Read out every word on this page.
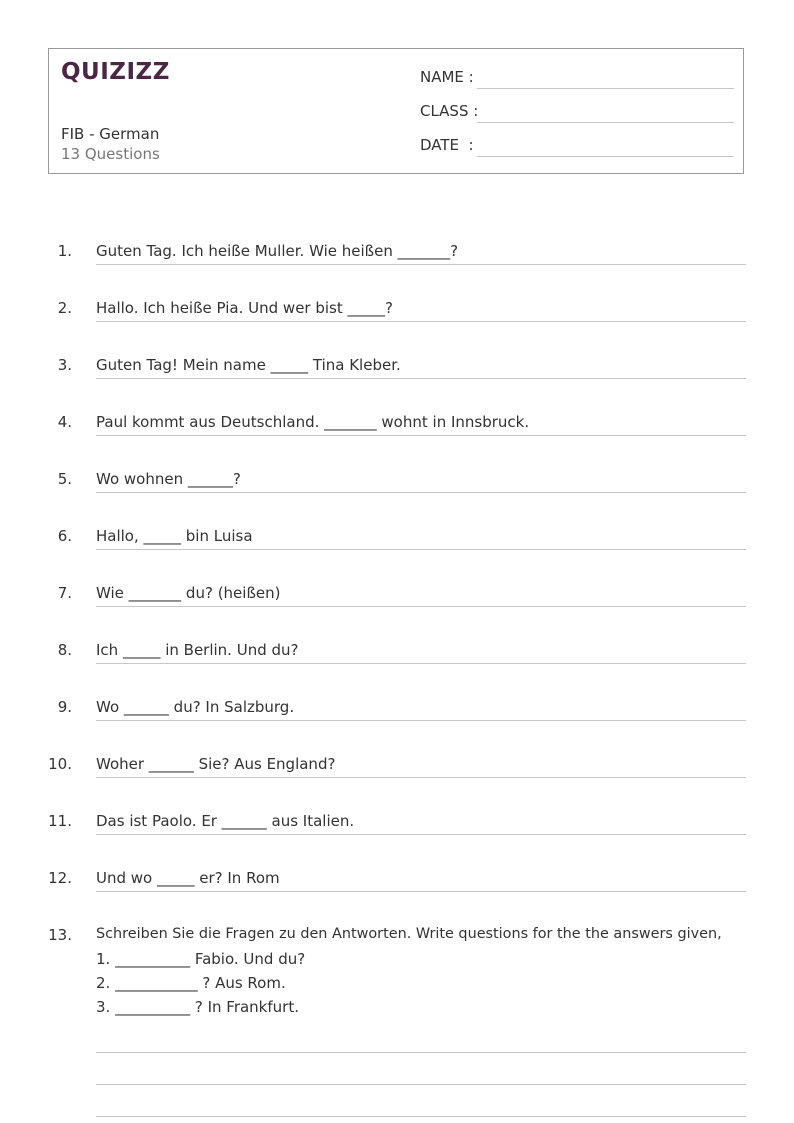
QUIZIZZ
FIB - German
13 Questions
NAME :
CLASS :
DATE  :
1. Guten Tag. Ich heiße Muller. Wie heißen _______?
2. Hallo. Ich heiße Pia. Und wer bist _____?
3. Guten Tag! Mein name _____ Tina Kleber.
4. Paul kommt aus Deutschland. _______ wohnt in Innsbruck.
5. Wo wohnen ______?
6. Hallo, _____ bin Luisa
7. Wie _______ du? (heißen)
8. Ich _____ in Berlin. Und du?
9. Wo ______ du? In Salzburg.
10. Woher ______ Sie? Aus England?
11. Das ist Paolo. Er ______ aus Italien.
12. Und wo _____ er? In Rom
13. Schreiben Sie die Fragen zu den Antworten. Write questions for the the answers given,
1. __________ Fabio. Und du?
2. ___________ ? Aus Rom.
3. __________ ? In Frankfurt.
